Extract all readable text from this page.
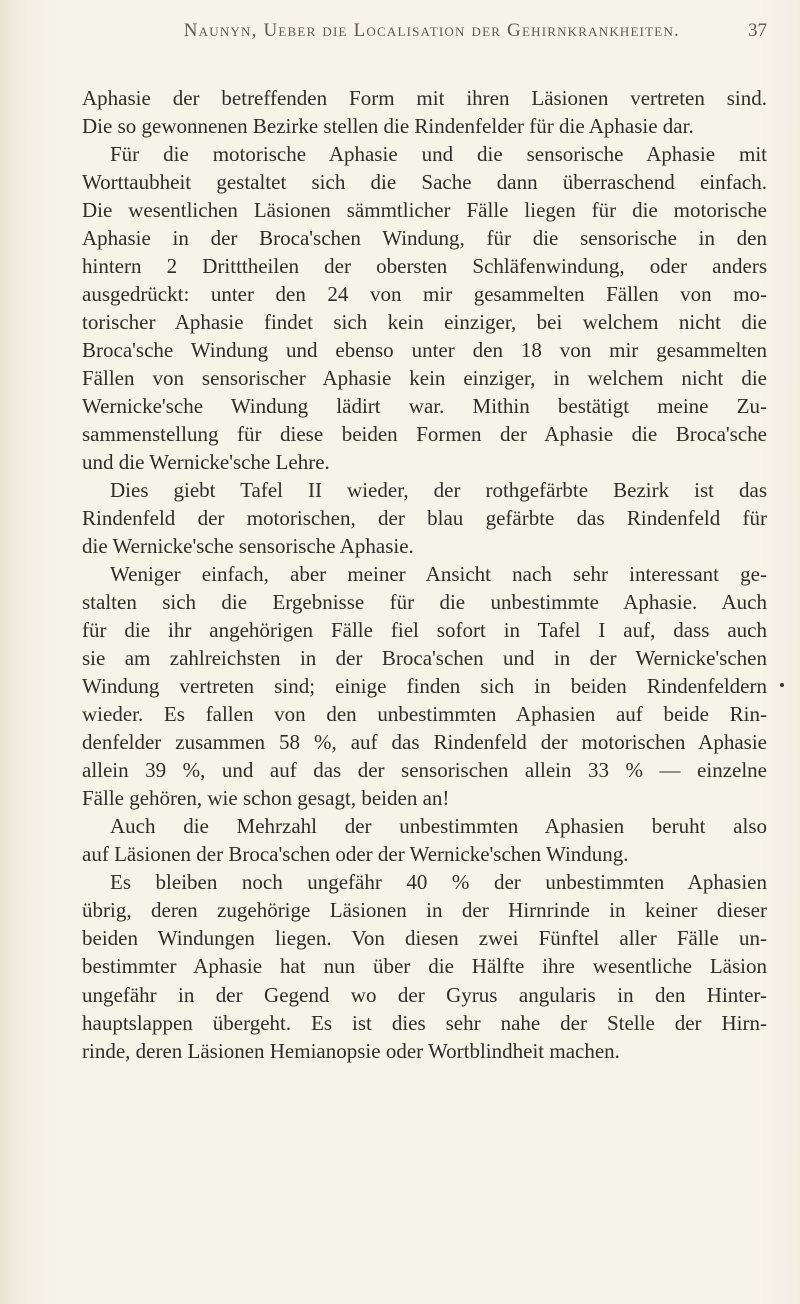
Naunyn, Ueber die Localisation der Gehirnkrankheiten.	37
Aphasie der betreffenden Form mit ihren Läsionen vertreten sind.
Die so gewonnenen Bezirke stellen die Rindenfelder für die Aphasie dar.
Für die motorische Aphasie und die sensorische Aphasie mit
Worttaubheit gestaltet sich die Sache dann überraschend einfach.
Die wesentlichen Läsionen sämmtlicher Fälle liegen für die motorische
Aphasie in der Broca'schen Windung, für die sensorische in den
hintern 2 Dritttheilen der obersten Schläfenwindung, oder anders
ausgedrückt: unter den 24 von mir gesammelten Fällen von mo-
torischer Aphasie findet sich kein einziger, bei welchem nicht die
Broca'sche Windung und ebenso unter den 18 von mir gesammelten
Fällen von sensorischer Aphasie kein einziger, in welchem nicht die
Wernicke'sche Windung lädirt war. Mithin bestätigt meine Zu-
sammenstellung für diese beiden Formen der Aphasie die Broca'sche
und die Wernicke'sche Lehre.
Dies giebt Tafel II wieder, der rothgefärbte Bezirk ist das
Rindenfeld der motorischen, der blau gefärbte das Rindenfeld für
die Wernicke'sche sensorische Aphasie.
Weniger einfach, aber meiner Ansicht nach sehr interessant ge-
stalten sich die Ergebnisse für die unbestimmte Aphasie. Auch
für die ihr angehörigen Fälle fiel sofort in Tafel I auf, dass auch
sie am zahlreichsten in der Broca'schen und in der Wernicke'schen
Windung vertreten sind; einige finden sich in beiden Rindenfeldern
wieder. Es fallen von den unbestimmten Aphasien auf beide Rin-
denfelder zusammen 58 %, auf das Rindenfeld der motorischen Aphasie
allein 39 %, und auf das der sensorischen allein 33 % — einzelne
Fälle gehören, wie schon gesagt, beiden an!
Auch die Mehrzahl der unbestimmten Aphasien beruht also
auf Läsionen der Broca'schen oder der Wernicke'schen Windung.
Es bleiben noch ungefähr 40 % der unbestimmten Aphasien
übrig, deren zugehörige Läsionen in der Hirnrinde in keiner dieser
beiden Windungen liegen. Von diesen zwei Fünftel aller Fälle un-
bestimmter Aphasie hat nun über die Hälfte ihre wesentliche Läsion
ungefähr in der Gegend wo der Gyrus angularis in den Hinter-
hauptslappen übergeht. Es ist dies sehr nahe der Stelle der Hirn-
rinde, deren Läsionen Hemianopsie oder Wortblindheit machen.
